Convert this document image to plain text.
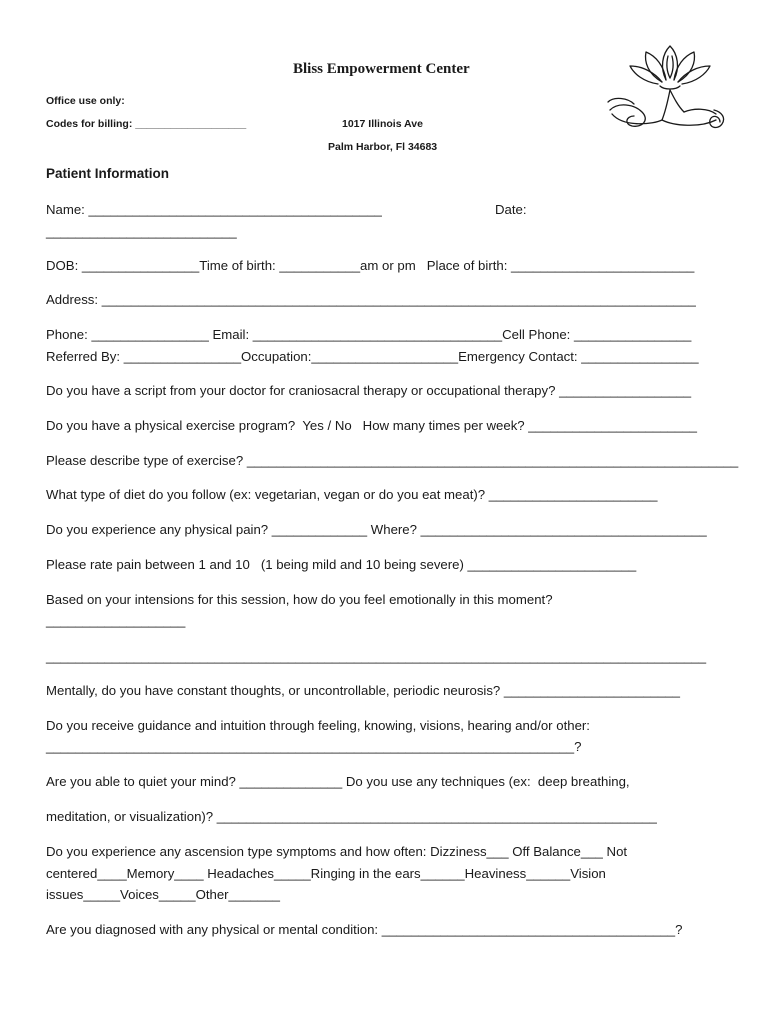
Bliss Empowerment Center
Office use only:
Codes for billing: ___________________	1017 Illinois Ave
Palm Harbor, Fl 34683
Patient Information
Name: ________________________________________	Date:
__________________________
DOB: ________________Time of birth: ___________am or pm   Place of birth: _________________________
Address: _________________________________________________________________________________
Phone: ________________ Email: __________________________________Cell Phone: ________________
Referred By: ________________Occupation:____________________Emergency Contact: ________________
Do you have a script from your doctor for craniosacral therapy or occupational therapy? __________________
Do you have a physical exercise program?  Yes / No   How many times per week? _______________________
Please describe type of exercise? ___________________________________________________________________
What type of diet do you follow (ex: vegetarian, vegan or do you eat meat)? _______________________
Do you experience any physical pain? _____________ Where? _______________________________________
Please rate pain between 1 and 10   (1 being mild and 10 being severe) _______________________
Based on your intensions for this session, how do you feel emotionally in this moment?
___________________
__________________________________________________________________________________________
Mentally, do you have constant thoughts, or uncontrollable, periodic neurosis? ________________________
Do you receive guidance and intuition through feeling, knowing, visions, hearing and/or other:
________________________________________________________________________?
Are you able to quiet your mind? ______________ Do you use any techniques (ex:  deep breathing,
meditation, or visualization)? ____________________________________________________________
Do you experience any ascension type symptoms and how often: Dizziness___ Off Balance___ Not
centered____Memory____ Headaches_____Ringing in the ears______Heaviness______Vision
issues_____Voices_____Other_______
Are you diagnosed with any physical or mental condition: ________________________________________?
